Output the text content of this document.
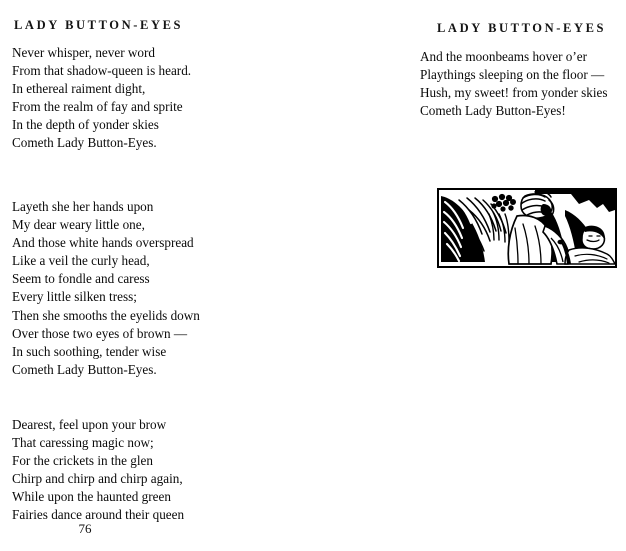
LADY BUTTON-EYES	LADY BUTTON-EYES
Never whisper, never word
From that shadow-queen is heard.
In ethereal raiment dight,
From the realm of fay and sprite
In the depth of yonder skies
Cometh Lady Button-Eyes.
Layeth she her hands upon
My dear weary little one,
And those white hands overspread
Like a veil the curly head,
Seem to fondle and caress
Every little silken tress;
Then she smooths the eyelids down
Over those two eyes of brown —
In such soothing, tender wise
Cometh Lady Button-Eyes.
Dearest, feel upon your brow
That caressing magic now;
For the crickets in the glen
Chirp and chirp and chirp again,
While upon the haunted green
Fairies dance around their queen
And the moonbeams hover o’er
Playthings sleeping on the floor —
Hush, my sweet! from yonder skies
Cometh Lady Button-Eyes!
76
